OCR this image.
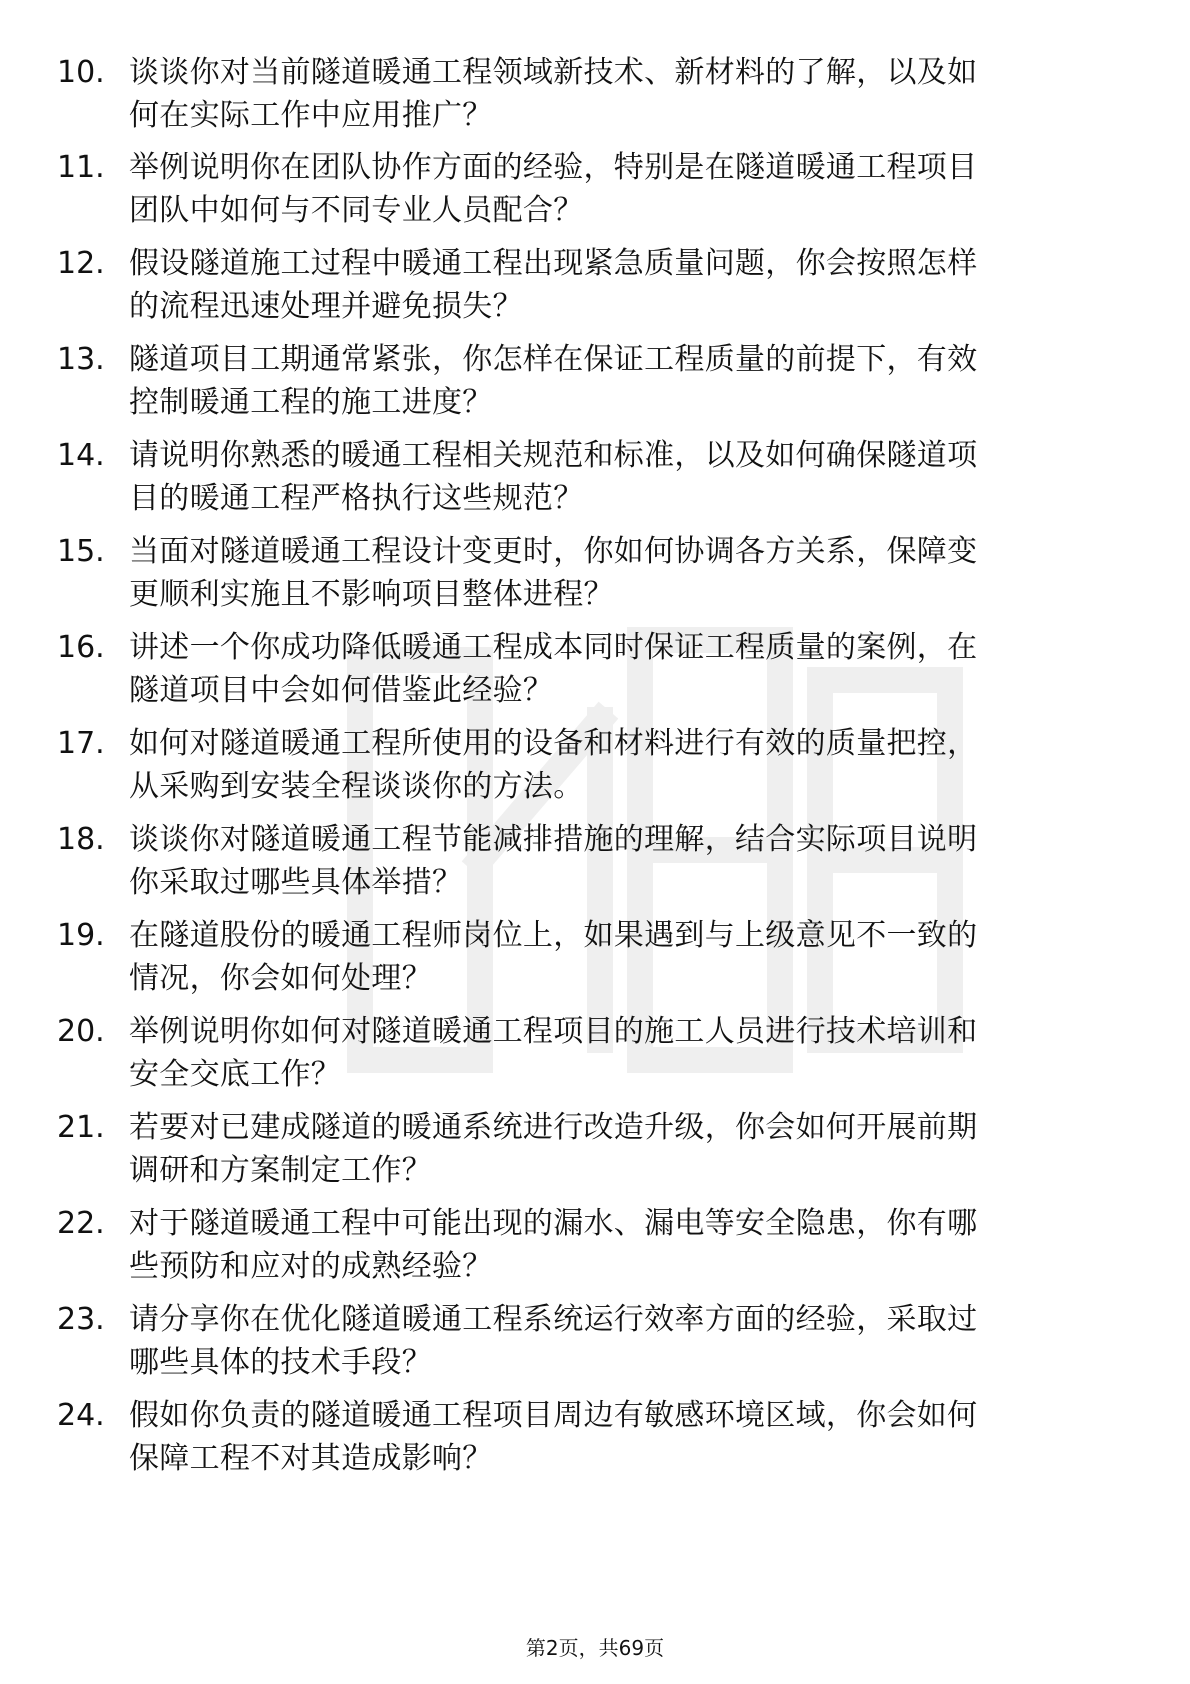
10. 谈谈你对当前隧道暖通工程领域新技术、新材料的了解，以及如
何在实际工作中应用推广？
11. 举例说明你在团队协作方面的经验，特别是在隧道暖通工程项目
团队中如何与不同专业人员配合？
12. 假设隧道施工过程中暖通工程出现紧急质量问题，你会按照怎样
的流程迅速处理并避免损失？
13. 隧道项目工期通常紧张，你怎样在保证工程质量的前提下，有效
控制暖通工程的施工进度？
14. 请说明你熟悉的暖通工程相关规范和标准，以及如何确保隧道项
目的暖通工程严格执行这些规范？
15. 当面对隧道暖通工程设计变更时，你如何协调各方关系，保障变
更顺利实施且不影响项目整体进程？
16. 讲述一个你成功降低暖通工程成本同时保证工程质量的案例，在
隧道项目中会如何借鉴此经验？
17. 如何对隧道暖通工程所使用的设备和材料进行有效的质量把控，
从采购到安装全程谈谈你的方法。
18. 谈谈你对隧道暖通工程节能减排措施的理解，结合实际项目说明
你采取过哪些具体举措？
19. 在隧道股份的暖通工程师岗位上，如果遇到与上级意见不一致的
情况，你会如何处理？
20. 举例说明你如何对隧道暖通工程项目的施工人员进行技术培训和
安全交底工作？
21. 若要对已建成隧道的暖通系统进行改造升级，你会如何开展前期
调研和方案制定工作？
22. 对于隧道暖通工程中可能出现的漏水、漏电等安全隐患，你有哪
些预防和应对的成熟经验？
23. 请分享你在优化隧道暖通工程系统运行效率方面的经验，采取过
哪些具体的技术手段？
24. 假如你负责的隧道暖通工程项目周边有敏感环境区域，你会如何
保障工程不对其造成影响？
第2页，共69页
